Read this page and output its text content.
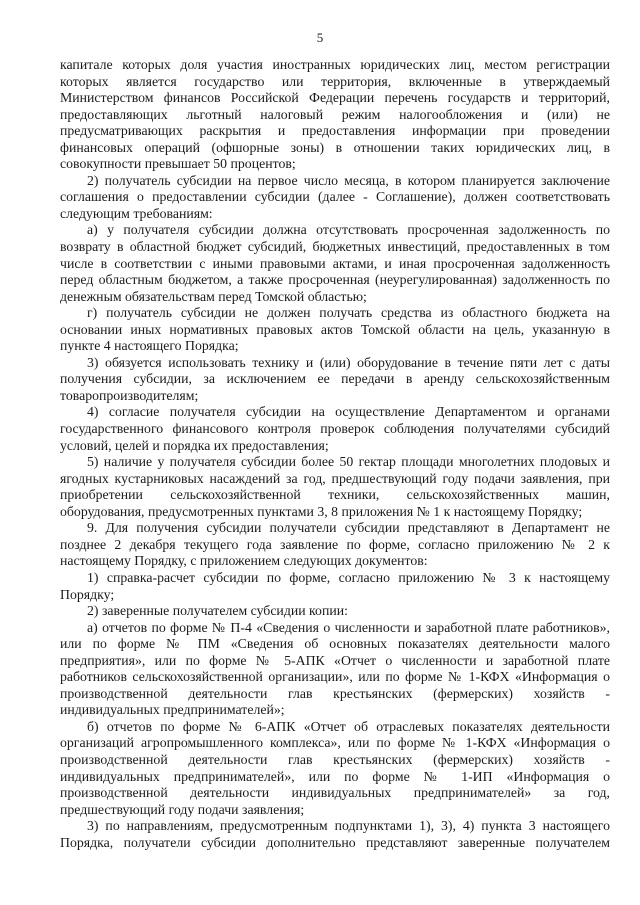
5
капитале которых доля участия иностранных юридических лиц, местом регистрации
которых является государство или территория, включенные в утверждаемый
Министерством финансов Российской Федерации перечень государств и территорий,
предоставляющих льготный налоговый режим налогообложения и (или) не
предусматривающих раскрытия и предоставления информации при проведении
финансовых операций (офшорные зоны) в отношении таких юридических лиц, в
совокупности превышает 50 процентов;
2) получатель субсидии на первое число месяца, в котором планируется заключение
соглашения о предоставлении субсидии (далее - Соглашение), должен соответствовать
следующим требованиям:
а) у получателя субсидии должна отсутствовать просроченная задолженность по
возврату в областной бюджет субсидий, бюджетных инвестиций, предоставленных в том
числе в соответствии с иными правовыми актами, и иная просроченная задолженность
перед областным бюджетом, а также просроченная (неурегулированная) задолженность по
денежным обязательствам перед Томской областью;
г) получатель субсидии не должен получать средства из областного бюджета на
основании иных нормативных правовых актов Томской области на цель, указанную в
пункте 4 настоящего Порядка;
3) обязуется использовать технику и (или) оборудование в течение пяти лет с даты
получения субсидии, за исключением ее передачи в аренду сельскохозяйственным
товаропроизводителям;
4) согласие получателя субсидии на осуществление Департаментом и органами
государственного финансового контроля проверок соблюдения получателями субсидий
условий, целей и порядка их предоставления;
5) наличие у получателя субсидии более 50 гектар площади многолетних плодовых и
ягодных кустарниковых насаждений за год, предшествующий году подачи заявления, при
приобретении сельскохозяйственной техники, сельскохозяйственных машин,
оборудования, предусмотренных пунктами 3, 8 приложения № 1 к настоящему Порядку;
9. Для получения субсидии получатели субсидии представляют в Департамент не
позднее 2 декабря текущего года заявление по форме, согласно приложению № 2 к
настоящему Порядку, с приложением следующих документов:
1) справка-расчет субсидии по форме, согласно приложению № 3 к настоящему
Порядку;
2) заверенные получателем субсидии копии:
а) отчетов по форме № П-4 «Сведения о численности и заработной плате работников»,
или по форме № ПМ «Сведения об основных показателях деятельности малого
предприятия», или по форме № 5-АПК «Отчет о численности и заработной плате
работников сельскохозяйственной организации», или по форме № 1-КФХ «Информация о
производственной деятельности глав крестьянских (фермерских) хозяйств -
индивидуальных предпринимателей»;
б) отчетов по форме № 6-АПК «Отчет об отраслевых показателях деятельности
организаций агропромышленного комплекса», или по форме № 1-КФХ «Информация о
производственной деятельности глав крестьянских (фермерских) хозяйств -
индивидуальных предпринимателей», или по форме № 1-ИП «Информация о
производственной деятельности индивидуальных предпринимателей» за год,
предшествующий году подачи заявления;
3) по направлениям, предусмотренным подпунктами 1), 3), 4) пункта 3 настоящего
Порядка, получатели субсидии дополнительно представляют заверенные получателем
